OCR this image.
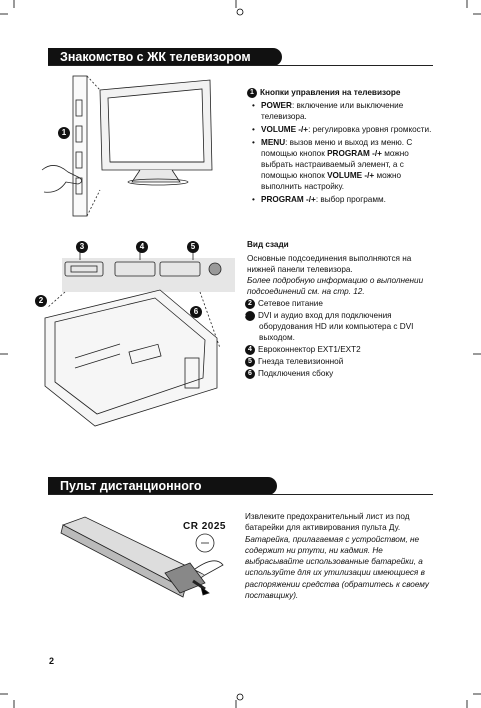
Знакомство с ЖК телевизором
1
1 Кнопки управления на телевизоре
• POWER: включение или выключение телевизора.
• VOLUME -/+: регулировка уровня громкости.
• MENU: вызов меню и выход из меню. С помощью кнопок PROGRAM -/+ можно выбрать настраиваемый элемент, а с помощью кнопок VOLUME -/+ можно выполнить настройку.
• PROGRAM -/+: выбор программ.
3	4	5
2
6
Вид сзади
Основные подсоединения выполняются на нижней панели телевизора.
Более подробную информацию о выполнении подсоединений см. на стр. 12.
2 Сетевое питание
3 DVI и аудио вход для подключения оборудования HD или компьютера с DVI выходом.
4 Евроконнектор EXT1/EXT2
5 Гнезда телевизионной
6 Подключения сбоку
Пульт дистанционного управления
CR 2025
Извлеките предохранительный лист из под батарейки для активирования пульта Ду.
Батарейка, прилагаемая с устройством, не содержит ни ртути, ни кадмия. Не выбрасывайте использованные батарейки, а используйте для их утилизации имеющиеся в распоряжении средства (обратитесь к своему поставщику).
2
